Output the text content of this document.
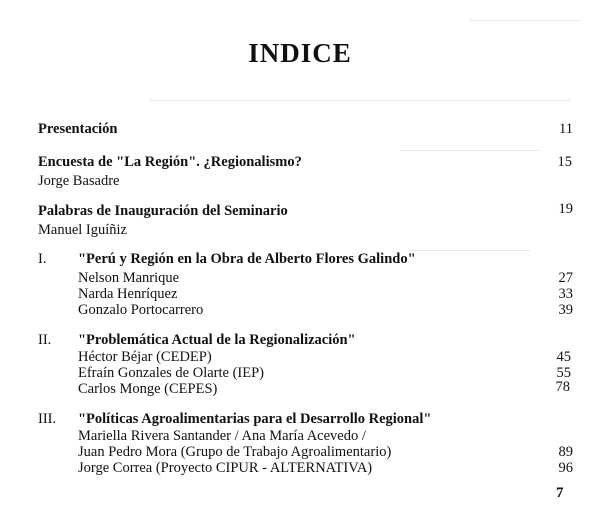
INDICE
Presentación	11
Encuesta de "La Región". ¿Regionalismo?	15
Jorge Basadre
Palabras de Inauguración del Seminario	19
Manuel Iguíñiz
I. "Perú y Región en la Obra de Alberto Flores Galindo"
Nelson Manrique	27
Narda Henríquez	33
Gonzalo Portocarrero	39
II. "Problemática Actual de la Regionalización"
Héctor Béjar (CEDEP)	45
Efraín Gonzales de Olarte (IEP)	55
Carlos Monge (CEPES)	78
III. "Políticas Agroalimentarias para el Desarrollo Regional"
Mariella Rivera Santander / Ana María Acevedo /
Juan Pedro Mora (Grupo de Trabajo Agroalimentario)	89
Jorge Correa (Proyecto CIPUR - ALTERNATIVA)	96
7
